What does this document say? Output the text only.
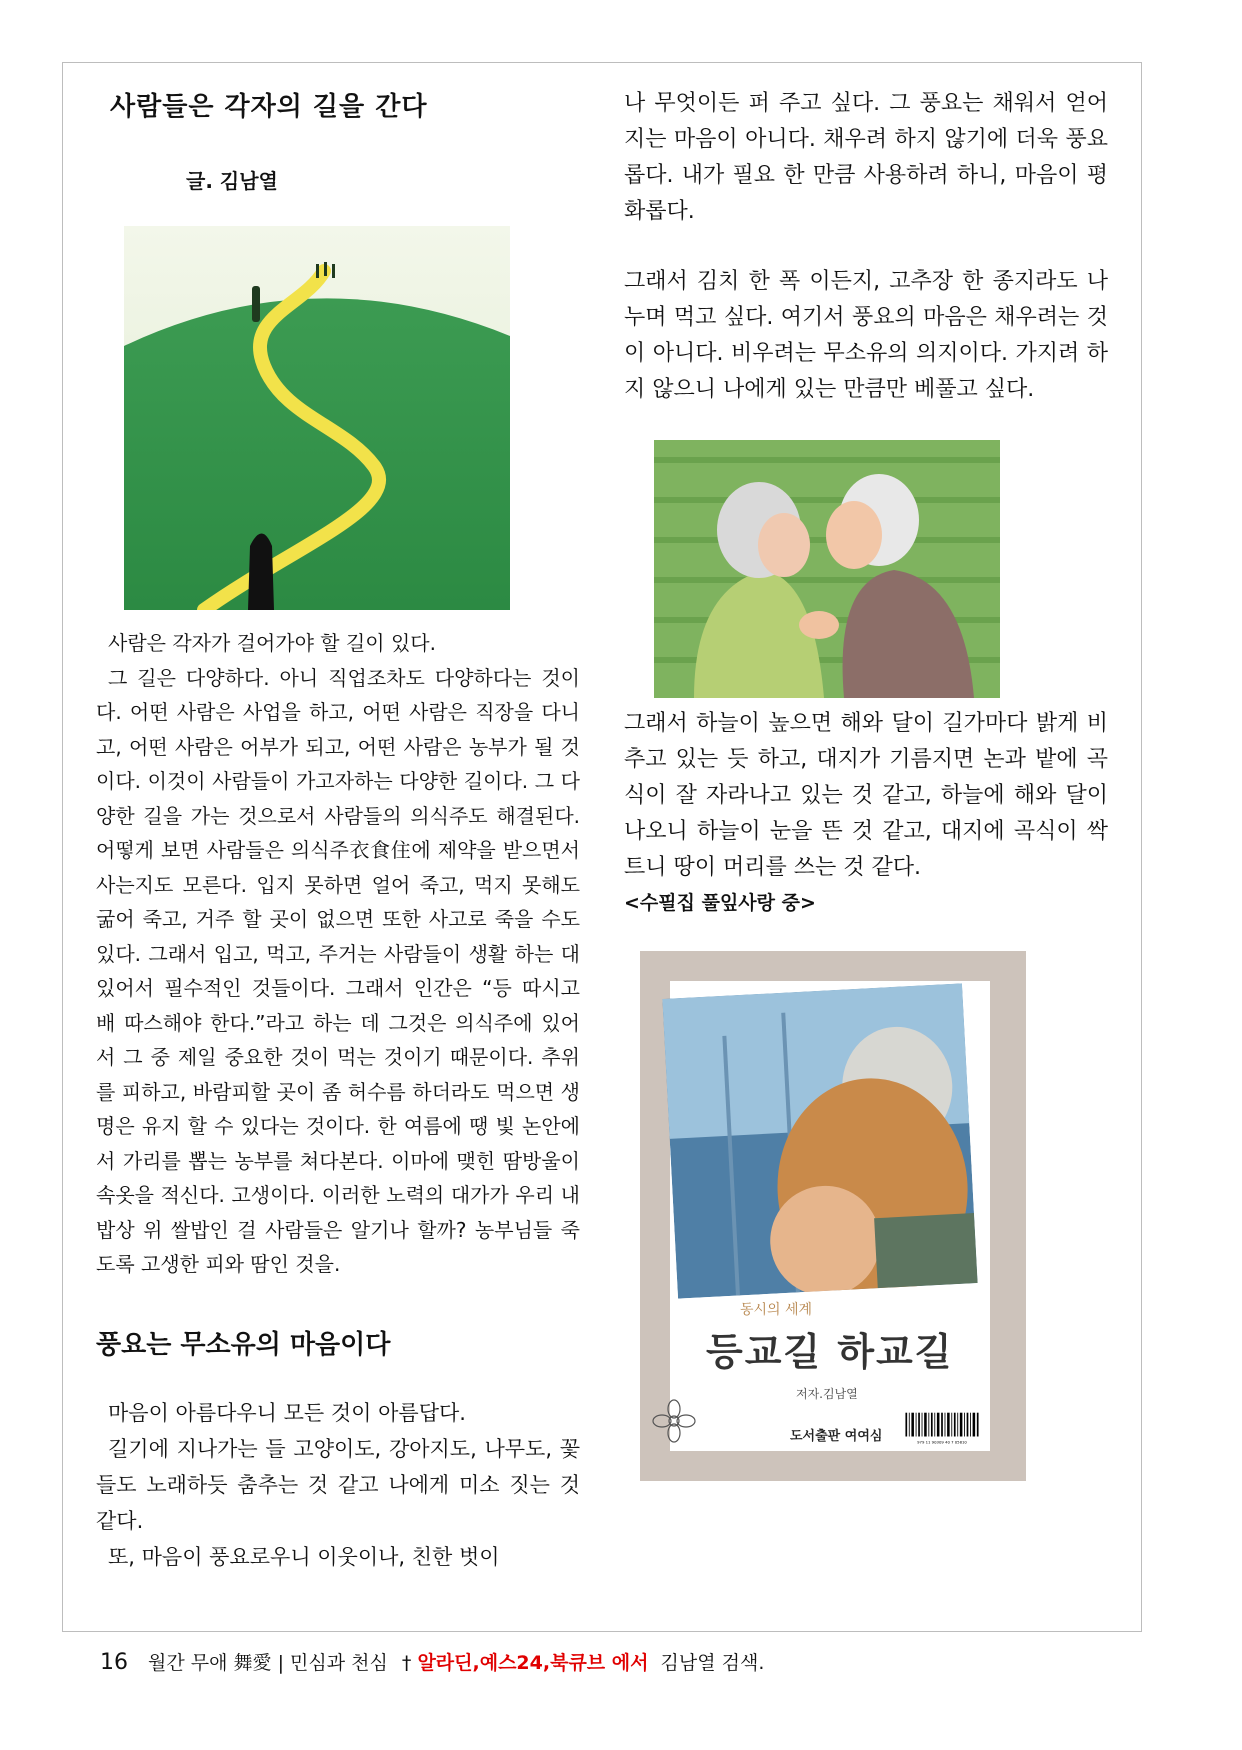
사람들은 각자의 길을 간다
글. 김남열

사람은 각자가 걸어가야 할 길이 있다.

그 길은 다양하다. 아니 직업조차도 다양하다는 것이다. 어떤 사람은 사업을 하고, 어떤 사람은 직장을 다니고, 어떤 사람은 어부가 되고, 어떤 사람은 농부가 될 것이다. 이것이 사람들이 가고자하는 다양한 길이다. 그 다양한 길을 가는 것으로서 사람들의 의식주도 해결된다. 어떻게 보면 사람들은 의식주衣食住에 제약을 받으면서 사는지도 모른다. 입지 못하면 얼어 죽고, 먹지 못해도 굶어 죽고, 거주 할 곳이 없으면 또한 사고로 죽을 수도 있다. 그래서 입고, 먹고, 주거는 사람들이 생활 하는 대 있어서 필수적인 것들이다. 그래서 인간은 “등 따시고 배 따스해야 한다.”라고 하는 데 그것은 의식주에 있어서 그 중 제일 중요한 것이 먹는 것이기 때문이다. 추위를 피하고, 바람피할 곳이 좀 허수름 하더라도 먹으면 생명은 유지 할 수 있다는 것이다. 한 여름에 땡 빛 논안에서 가리를 뽑는 농부를 쳐다본다. 이마에 맺힌 땀방울이 속옷을 적신다. 고생이다. 이러한 노력의 대가가 우리 내 밥상 위 쌀밥인 걸 사람들은 알기나 할까? 농부님들 죽도록 고생한 피와 땀인 것을.

풍요는 무소유의 마음이다

마음이 아름다우니 모든 것이 아름답다.

길기에 지나가는 들 고양이도, 강아지도, 나무도, 꽃들도 노래하듯 춤추는 것 같고 나에게 미소 짓는 것 같다.

또, 마음이 풍요로우니 이웃이나, 친한 벗이

나 무엇이든 퍼 주고 싶다. 그 풍요는 채워서 얻어지는 마음이 아니다. 채우려 하지 않기에 더욱 풍요롭다. 내가 필요 한 만큼 사용하려 하니, 마음이 평화롭다.

그래서 김치 한 폭 이든지, 고추장 한 종지라도 나누며 먹고 싶다. 여기서 풍요의 마음은 채우려는 것이 아니다. 비우려는 무소유의 의지이다. 가지려 하지 않으니 나에게 있는 만큼만 베풀고 싶다.

그래서 하늘이 높으면 해와 달이 길가마다 밝게 비추고 있는 듯 하고, 대지가 기름지면 논과 밭에 곡식이 잘 자라나고 있는 것 같고, 하늘에 해와 달이 나오니 하늘이 눈을 뜬 것 같고, 대지에 곡식이 싹트니 땅이 머리를 쓰는 것 같다.

<수필집 풀잎사랑 중>
동시의 세계
등교길 하교길
저자.김남열
도서출판 여여심	979 11 90309 40 7 05810
16 월간 무애 舞愛 | 민심과 천심 † 알라딘,예스24,북큐브 에서 김남열 검색.
